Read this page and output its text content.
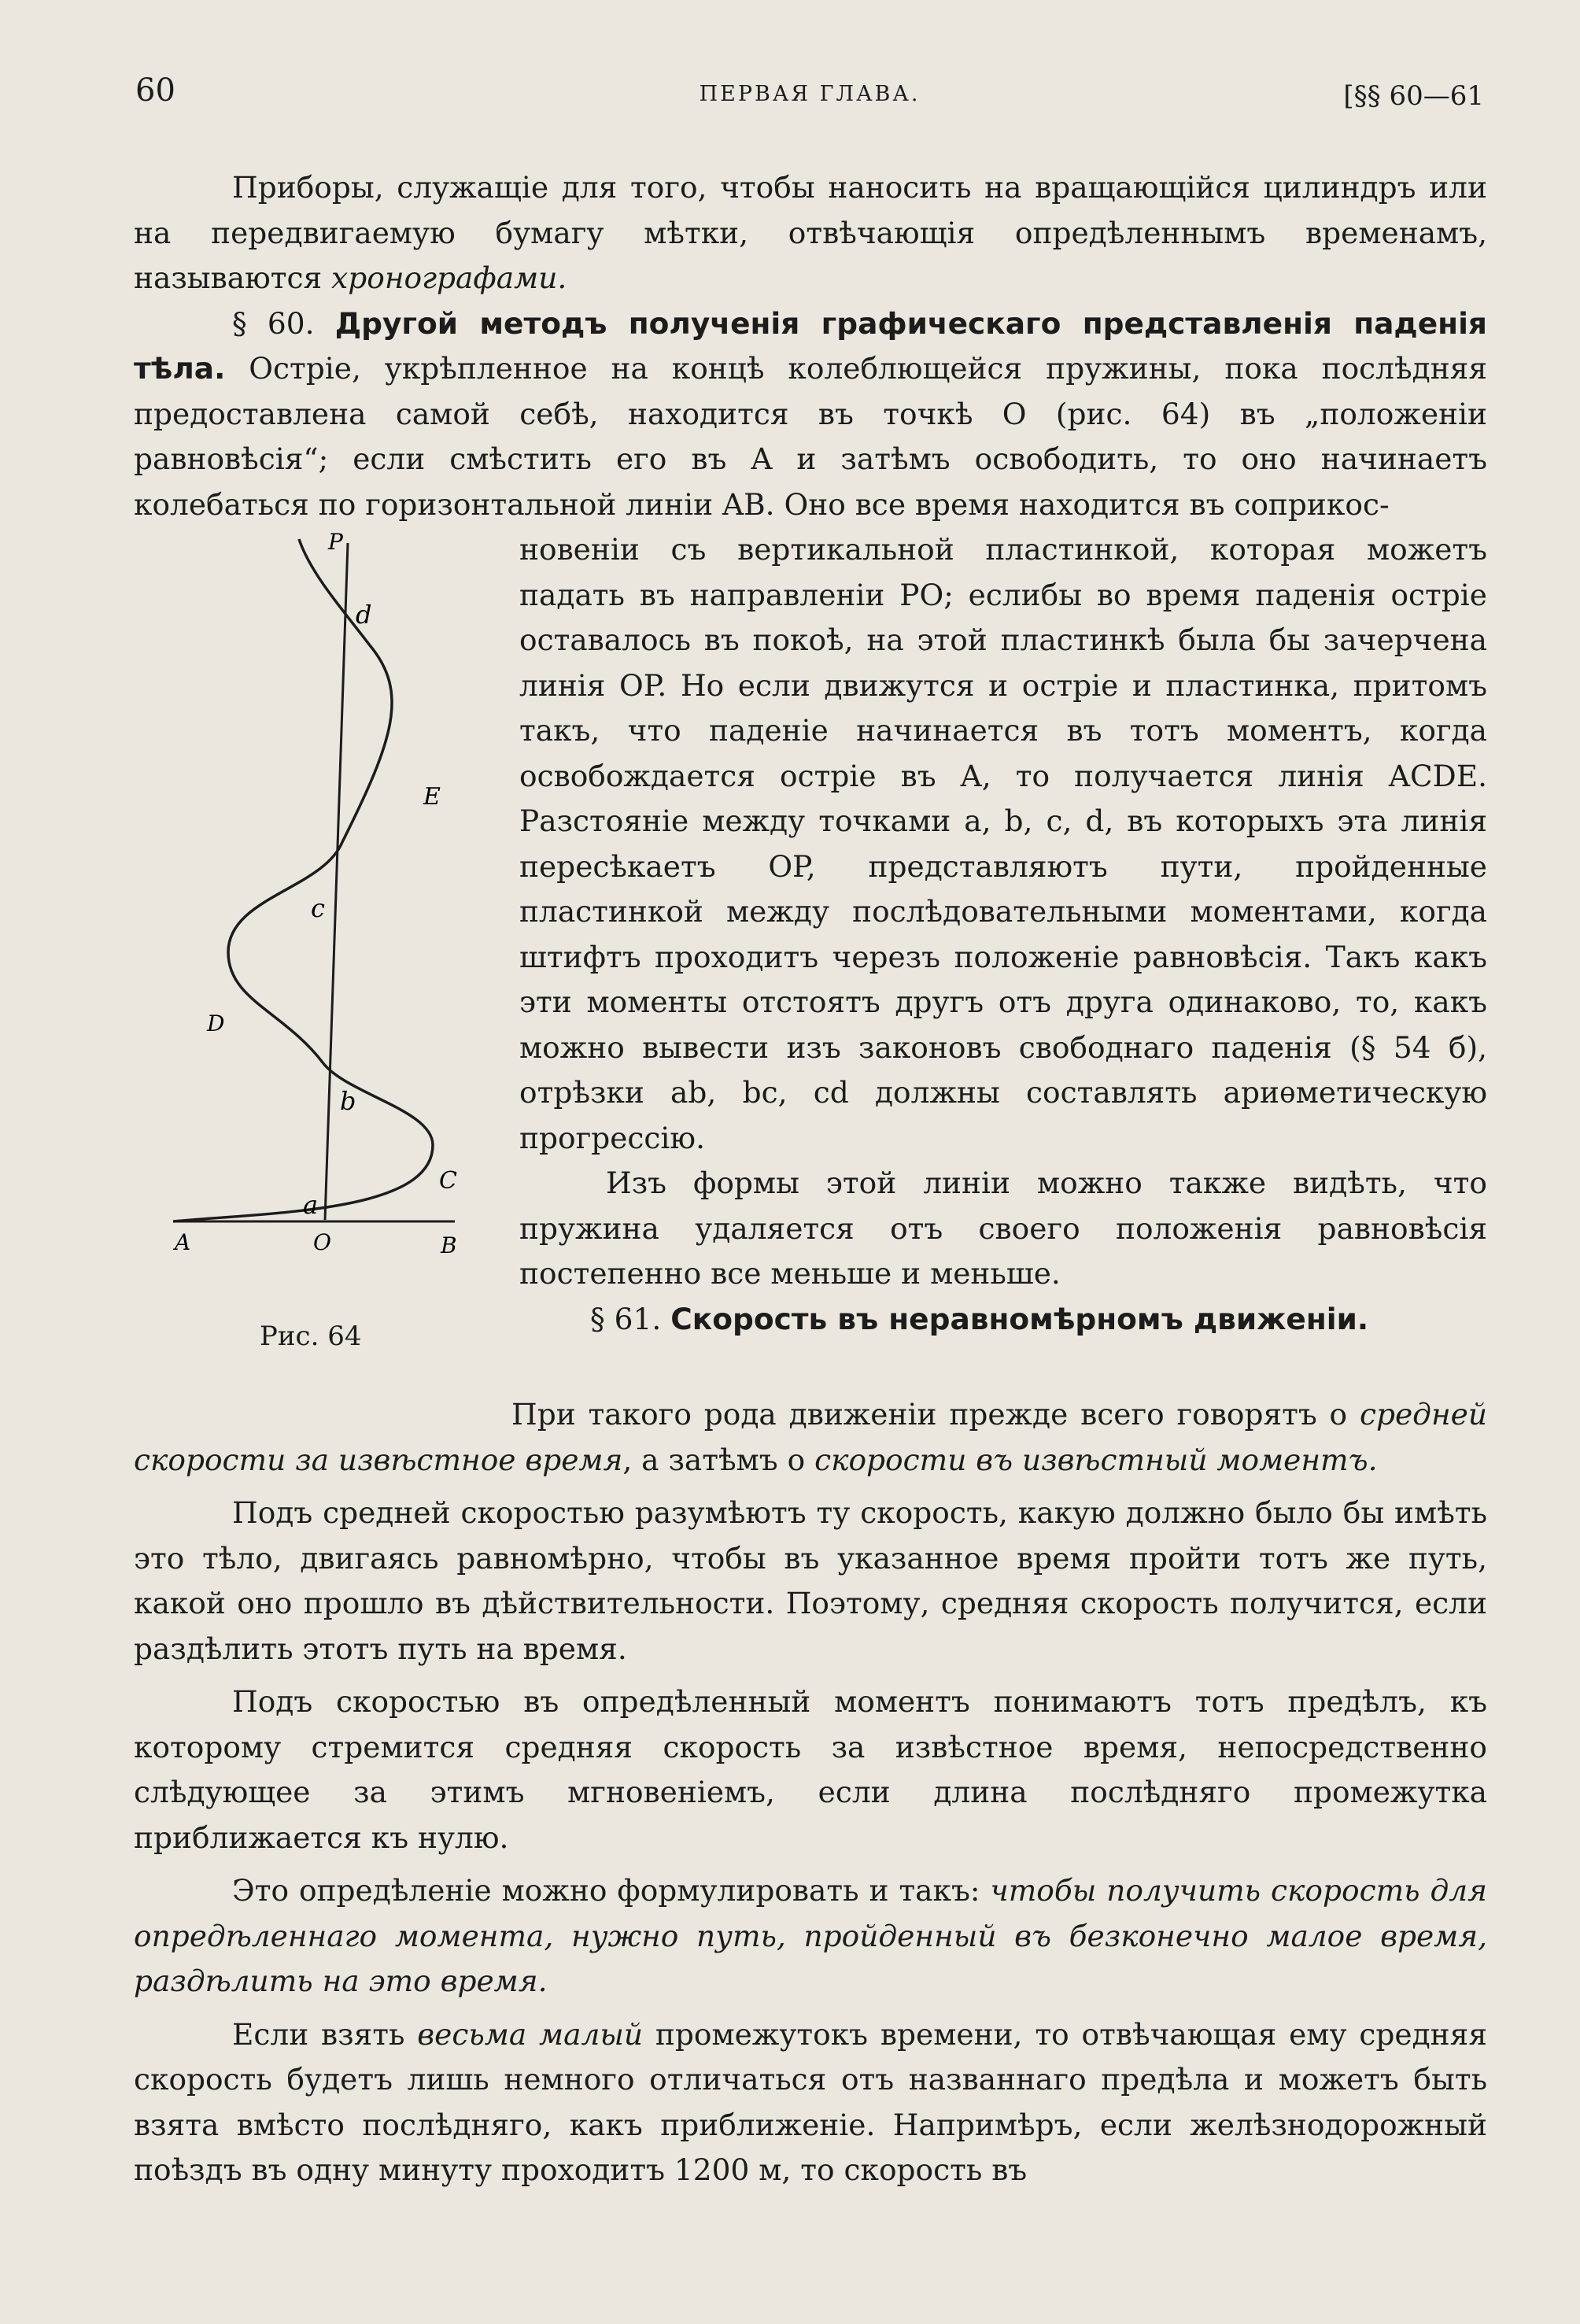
60	ПЕРВАЯ ГЛАВА.	[§§ 60—61

Приборы, служащіе для того, чтобы наносить на вращающійся цилиндръ или на передвигаемую бумагу мѣтки, отвѣчающія опредѣленнымъ временамъ, называются хронографами.

§ 60. Другой методъ полученія графическаго представленія паденія тѣла. Остріе, укрѣпленное на концѣ колеблющейся пружины, пока послѣдняя предоставлена самой себѣ, находится въ точкѣ O (рис. 64) въ „положеніи равновѣсія“; если смѣстить его въ A и затѣмъ освободить, то оно начинаетъ колебаться по горизонтальной линіи AB. Оно все время находится въ соприкос-

P
d
E
c
D
b
C
a
A	O	B
Рис. 64

новеніи съ вертикальной пластинкой, которая можетъ падать въ направленіи PO; еслибы во время паденія остріе оставалось въ покоѣ, на этой пластинкѣ была бы зачерчена линія OP. Но если движутся и остріе и пластинка, притомъ такъ, что паденіе начинается въ тотъ моментъ, когда освобождается остріе въ A, то получается линія ACDE. Разстояніе между точками a, b, c, d, въ которыхъ эта линія пересѣкаетъ OP, представляютъ пути, пройденные пластинкой между послѣдовательными моментами, когда штифтъ проходитъ черезъ положеніе равновѣсія. Такъ какъ эти моменты отстоятъ другъ отъ друга одинаково, то, какъ можно вывести изъ законовъ свободнаго паденія (§ 54 б), отрѣзки ab, bc, cd должны составлять ариѳметическую прогрессію.

Изъ формы этой линіи можно также видѣть, что пружина удаляется отъ своего положенія равновѣсія постепенно все меньше и меньше.

§ 61. Скорость въ неравномѣрномъ движеніи.

При такого рода движеніи прежде всего говорятъ о средней скорости за извѣстное время, а затѣмъ о скорости въ извѣстный моментъ.

Подъ средней скоростью разумѣютъ ту скорость, какую должно было бы имѣть это тѣло, двигаясь равномѣрно, чтобы въ указанное время пройти тотъ же путь, какой оно прошло въ дѣйствительности. Поэтому, средняя скорость получится, если раздѣлить этотъ путь на время.

Подъ скоростью въ опредѣленный моментъ понимаютъ тотъ предѣлъ, къ которому стремится средняя скорость за извѣстное время, непосредственно слѣдующее за этимъ мгновеніемъ, если длина послѣдняго промежутка приближается къ нулю.

Это опредѣленіе можно формулировать и такъ: чтобы получить скорость для опредѣленнаго момента, нужно путь, пройденный въ безконечно малое время, раздѣлить на это время.

Если взять весьма малый промежутокъ времени, то отвѣчающая ему средняя скорость будетъ лишь немного отличаться отъ названнаго предѣла и можетъ быть взята вмѣсто послѣдняго, какъ приближеніе. Напримѣръ, если желѣзнодорожный поѣздъ въ одну минуту проходитъ 1200 м, то скорость въ
